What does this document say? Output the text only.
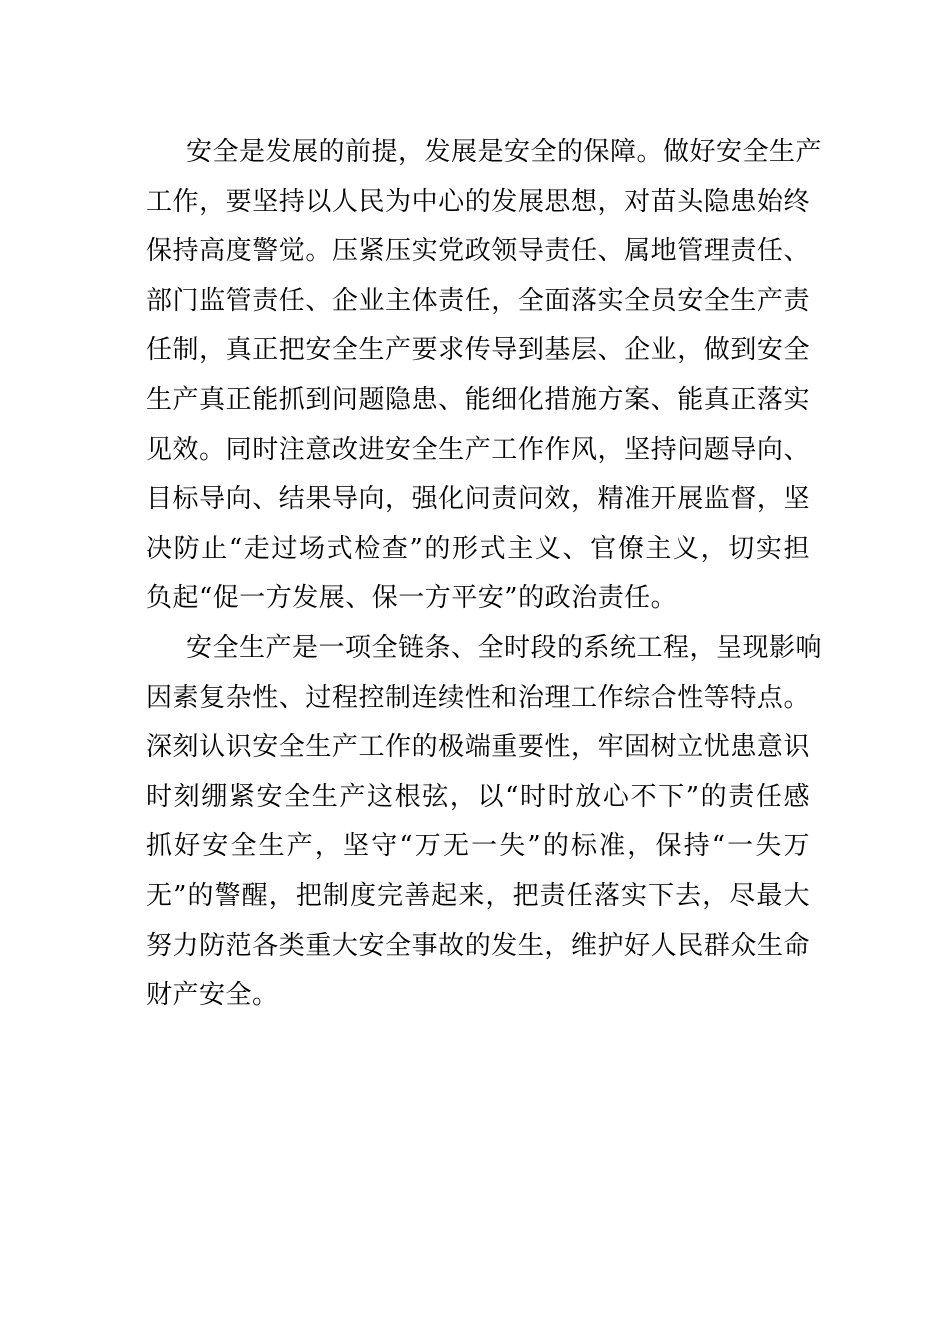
安全是发展的前提，发展是安全的保障。做好安全生产
工作，要坚持以人民为中心的发展思想，对苗头隐患始终
保持高度警觉。压紧压实党政领导责任、属地管理责任、
部门监管责任、企业主体责任，全面落实全员安全生产责
任制，真正把安全生产要求传导到基层、企业，做到安全
生产真正能抓到问题隐患、能细化措施方案、能真正落实
见效。同时注意改进安全生产工作作风，坚持问题导向、
目标导向、结果导向，强化问责问效，精准开展监督，坚
决防止“走过场式检查”的形式主义、官僚主义，切实担
负起“促一方发展、保一方平安”的政治责任。
安全生产是一项全链条、全时段的系统工程，呈现影响
因素复杂性、过程控制连续性和治理工作综合性等特点。
深刻认识安全生产工作的极端重要性，牢固树立忧患意识
时刻绷紧安全生产这根弦，以“时时放心不下”的责任感
抓好安全生产，坚守“万无一失”的标准，保持“一失万
无”的警醒，把制度完善起来，把责任落实下去，尽最大
努力防范各类重大安全事故的发生，维护好人民群众生命
财产安全。
